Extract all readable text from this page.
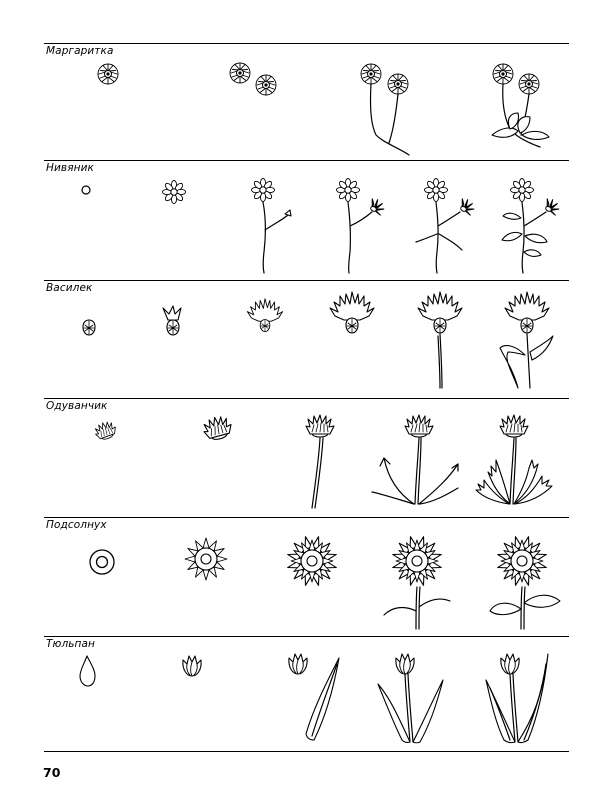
Маргаритка
Нивяник
Василек
Одуванчик
Подсолнух
Тюльпан
70
